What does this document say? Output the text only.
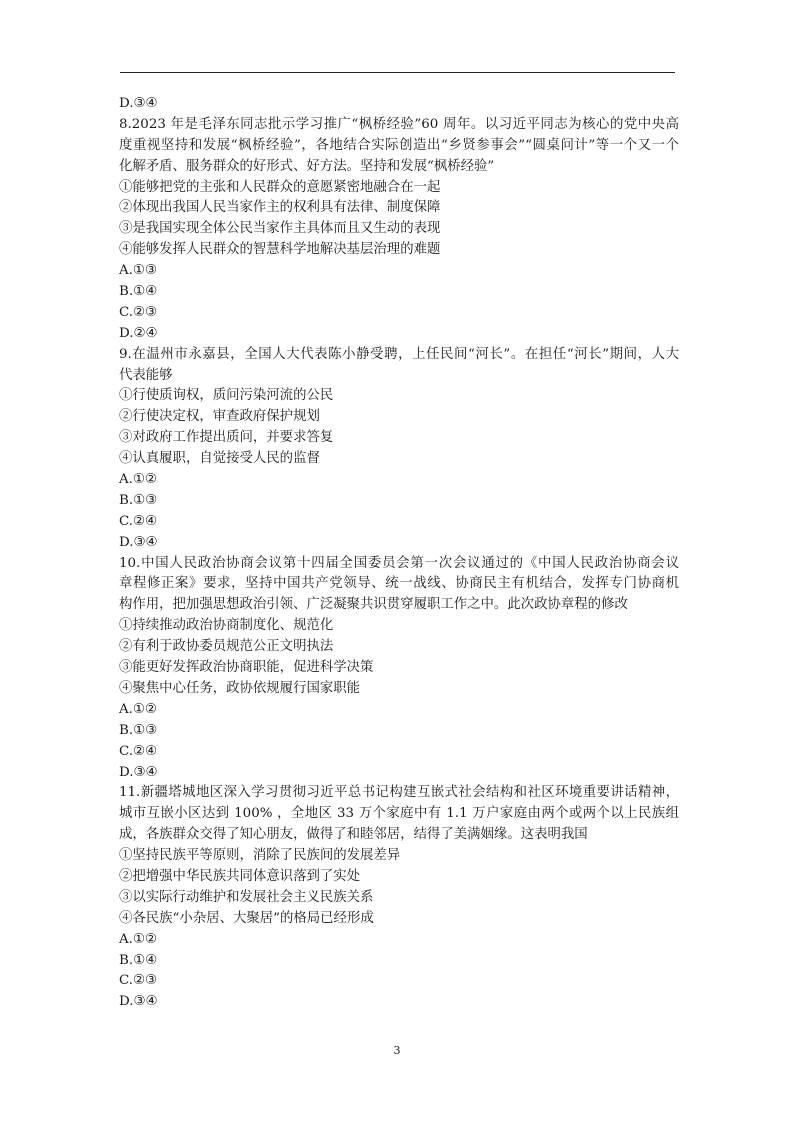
D.③④
8.2023 年是毛泽东同志批示学习推广“枫桥经验”60 周年。以习近平同志为核心的党中央高
度重视坚持和发展“枫桥经验”，各地结合实际创造出“乡贤参事会”“圆桌问计”等一个又一个
化解矛盾、服务群众的好形式、好方法。坚持和发展“枫桥经验”
①能够把党的主张和人民群众的意愿紧密地融合在一起
②体现出我国人民当家作主的权利具有法律、制度保障
③是我国实现全体公民当家作主具体而且又生动的表现
④能够发挥人民群众的智慧科学地解决基层治理的难题
A.①③
B.①④
C.②③
D.②④
9.在温州市永嘉县，全国人大代表陈小静受聘，上任民间“河长”。在担任“河长”期间，人大
代表能够
①行使质询权，质问污染河流的公民
②行使决定权，审查政府保护规划
③对政府工作提出质问，并要求答复
④认真履职，自觉接受人民的监督
A.①②
B.①③
C.②④
D.③④
10.中国人民政治协商会议第十四届全国委员会第一次会议通过的《中国人民政治协商会议
章程修正案》要求，坚持中国共产党领导、统一战线、协商民主有机结合，发挥专门协商机
构作用，把加强思想政治引领、广泛凝聚共识贯穿履职工作之中。此次政协章程的修改
①持续推动政治协商制度化、规范化
②有利于政协委员规范公正文明执法
③能更好发挥政治协商职能，促进科学决策
④聚焦中心任务，政协依规履行国家职能
A.①②
B.①③
C.②④
D.③④
11.新疆塔城地区深入学习贯彻习近平总书记构建互嵌式社会结构和社区环境重要讲话精神，
城市互嵌小区达到 100% ，全地区 33 万个家庭中有 1.1 万户家庭由两个或两个以上民族组
成，各族群众交得了知心朋友，做得了和睦邻居，结得了美满姻缘。这表明我国
①坚持民族平等原则，消除了民族间的发展差异
②把增强中华民族共同体意识落到了实处
③以实际行动维护和发展社会主义民族关系
④各民族“小杂居、大聚居”的格局已经形成
A.①②
B.①④
C.②③
D.③④
3
